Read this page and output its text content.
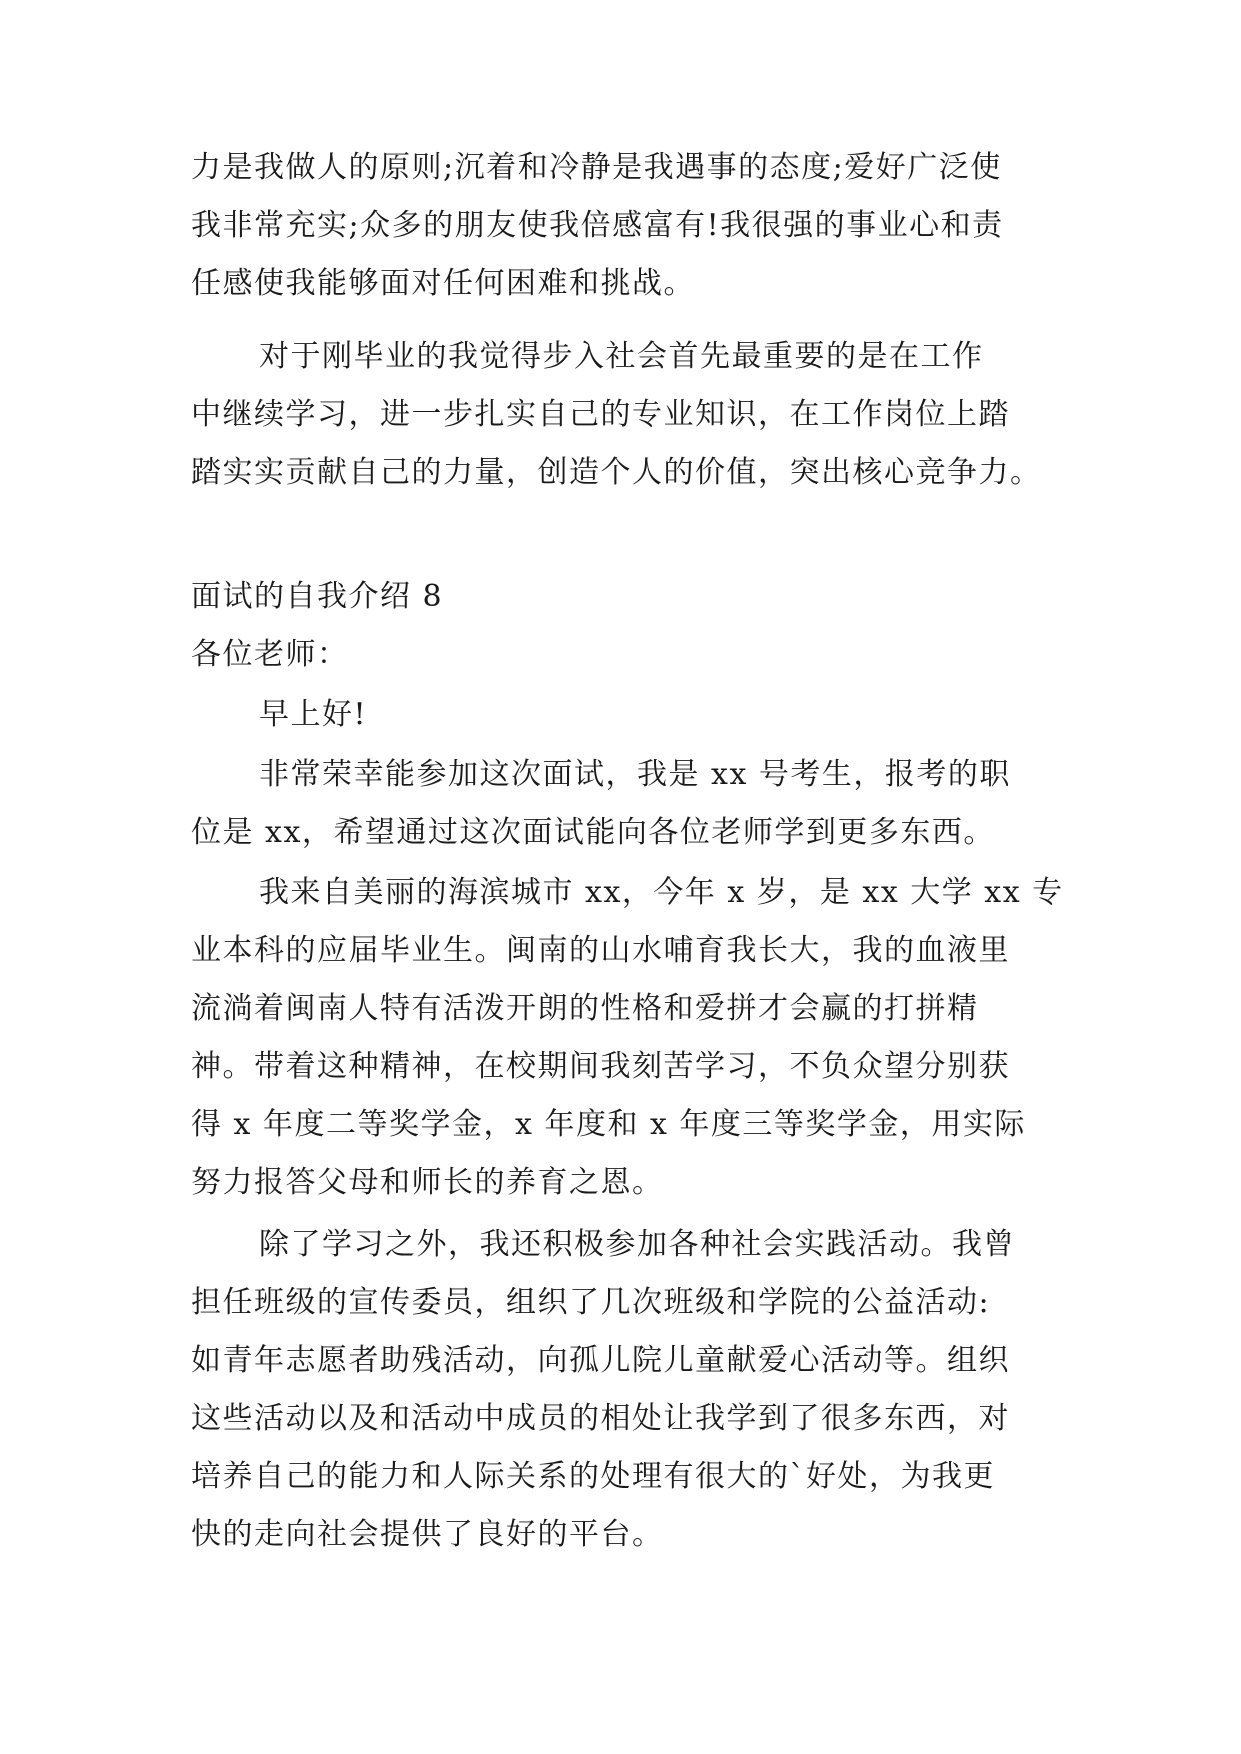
力是我做人的原则;沉着和冷静是我遇事的态度;爱好广泛使
我非常充实;众多的朋友使我倍感富有!我很强的事业心和责
任感使我能够面对任何困难和挑战。
对于刚毕业的我觉得步入社会首先最重要的是在工作
中继续学习，进一步扎实自己的专业知识，在工作岗位上踏
踏实实贡献自己的力量，创造个人的价值，突出核心竞争力。
面试的自我介绍 8
各位老师：
早上好!
非常荣幸能参加这次面试，我是 xx 号考生，报考的职
位是 xx，希望通过这次面试能向各位老师学到更多东西。
我来自美丽的海滨城市 xx，今年 x 岁，是 xx 大学 xx 专
业本科的应届毕业生。闽南的山水哺育我长大，我的血液里
流淌着闽南人特有活泼开朗的性格和爱拼才会赢的打拼精
神。带着这种精神，在校期间我刻苦学习，不负众望分别获
得 x 年度二等奖学金，x 年度和 x 年度三等奖学金，用实际
努力报答父母和师长的养育之恩。
除了学习之外，我还积极参加各种社会实践活动。我曾
担任班级的宣传委员，组织了几次班级和学院的公益活动:
如青年志愿者助残活动，向孤儿院儿童献爱心活动等。组织
这些活动以及和活动中成员的相处让我学到了很多东西，对
培养自己的能力和人际关系的处理有很大的`好处，为我更
快的走向社会提供了良好的平台。
